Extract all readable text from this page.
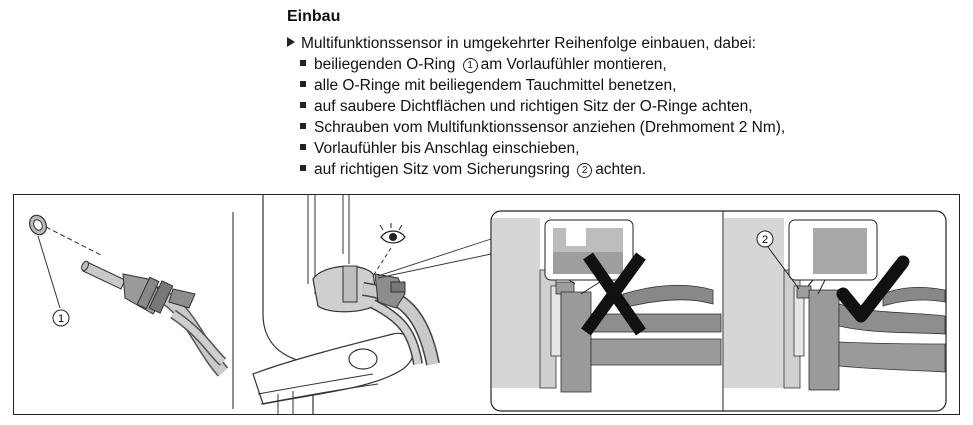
Einbau
Multifunktionssensor in umgekehrter Reihenfolge einbauen, dabei:
beiliegenden O-Ring 1 am Vorlaufühler montieren,
alle O-Ringe mit beiliegendem Tauchmittel benetzen,
auf saubere Dichtflächen und richtigen Sitz der O-Ringe achten,
Schrauben vom Multifunktionssensor anziehen (Drehmoment 2 Nm),
Vorlaufühler bis Anschlag einschieben,
auf richtigen Sitz vom Sicherungsring 2 achten.
1
2
